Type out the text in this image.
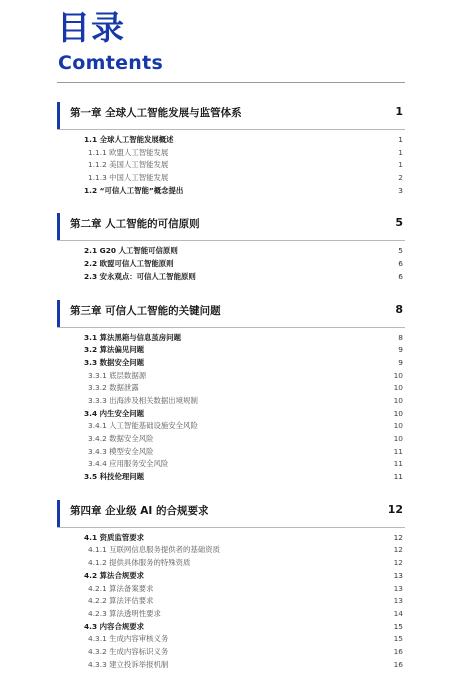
目录
Comtents
第一章 全球人工智能发展与监管体系	1
1.1 全球人工智能发展概述	1
1.1.1 欧盟人工智能发展	1
1.1.2 美国人工智能发展	1
1.1.3 中国人工智能发展	2
1.2 “可信人工智能”概念提出	3
第二章 人工智能的可信原则	5
2.1 G20 人工智能可信原则	5
2.2 欧盟可信人工智能原则	6
2.3 安永观点：可信人工智能原则	6
第三章 可信人工智能的关键问题	8
3.1 算法黑箱与信息茧房问题	8
3.2 算法偏见问题	9
3.3 数据安全问题	9
3.3.1 底层数据源	10
3.3.2 数据泄露	10
3.3.3 出海涉及相关数据出境规制	10
3.4 内生安全问题	10
3.4.1 人工智能基础设施安全风险	10
3.4.2 数据安全风险	10
3.4.3 模型安全风险	11
3.4.4 应用服务安全风险	11
3.5 科技伦理问题	11
第四章 企业级 AI 的合规要求	12
4.1 资质监管要求	12
4.1.1 互联网信息服务提供者的基础资质	12
4.1.2 提供具体服务的特殊资质	12
4.2 算法合规要求	13
4.2.1 算法备案要求	13
4.2.2 算法评估要求	13
4.2.3 算法透明性要求	14
4.3 内容合规要求	15
4.3.1 生成内容审核义务	15
4.3.2 生成内容标识义务	16
4.3.3 建立投诉举报机制	16
